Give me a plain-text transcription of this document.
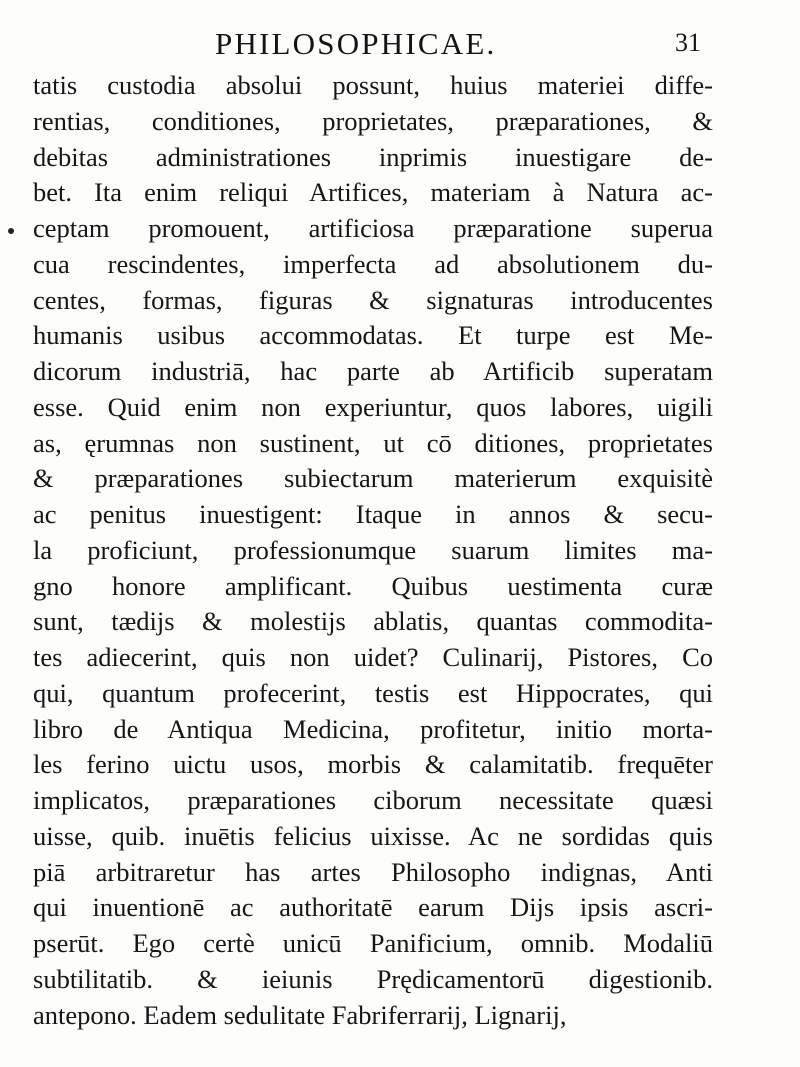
PHILOSOPHICAE.	31
tatis custodia absolui possunt, huius materiei diffe-
rentias, conditiones, proprietates, præparationes, &
debitas administrationes inprimis inuestigare de-
bet. Ita enim reliqui Artifices, materiam à Natura ac-
ceptam promouent, artificiosa præparatione superua
cua rescindentes, imperfecta ad absolutionem du-
centes, formas, figuras & signaturas introducentes
humanis usibus accommodatas. Et turpe est Me-
dicorum industriā, hac parte ab Artificib superatam
esse. Quid enim non experiuntur, quos labores, uigili
as, ęrumnas non sustinent, ut cō ditiones, proprietates
& præparationes subiectarum materierum exquisitè
ac penitus inuestigent: Itaque in annos & secu-
la proficiunt, professionumque suarum limites ma-
gno honore amplificant. Quibus uestimenta curæ
sunt, tædijs & molestijs ablatis, quantas commodita-
tes adiecerint, quis non uidet? Culinarij, Pistores, Co
qui, quantum profecerint, testis est Hippocrates, qui
libro de Antiqua Medicina, profitetur, initio morta-
les ferino uictu usos, morbis & calamitatib. frequēter
implicatos, præparationes ciborum necessitate quæsi
uisse, quib. inuētis felicius uixisse. Ac ne sordidas quis
piā arbitraretur has artes Philosopho indignas, Anti
qui inuentionē ac authoritatē earum Dijs ipsis ascri-
pserūt. Ego certè unicū Panificium, omnib. Modaliū
subtilitatib. & ieiunis Prędicamentorū digestionib.
antepono. Eadem sedulitate Fabriferrarij, Lignarij,
